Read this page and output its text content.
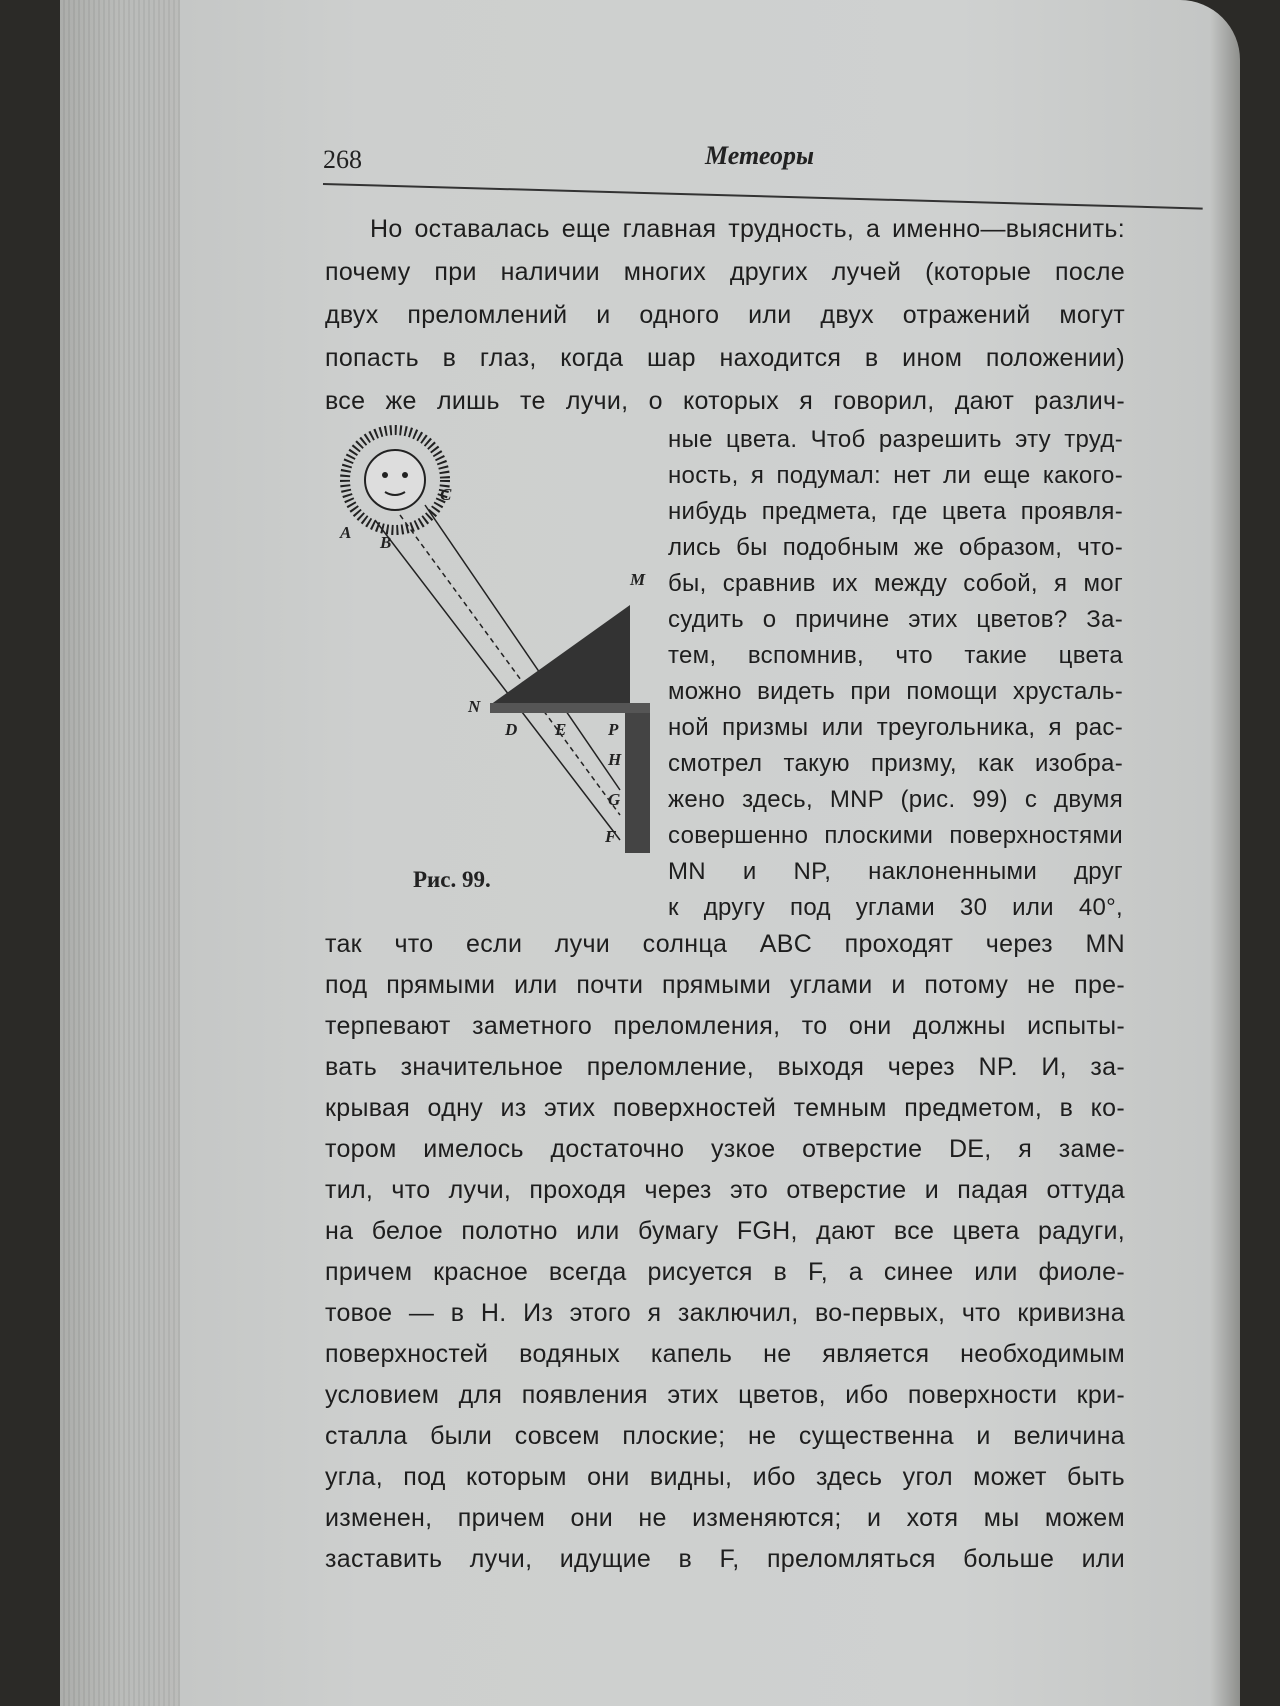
268	Метеоры
Но оставалась еще главная трудность, а именно—выяснить:
почему при наличии многих других лучей (которые после
двух преломлений и одного или двух отражений могут
попасть в глаз, когда шар находится в ином положении)
все же лишь те лучи, о которых я говорил, дают различ-
ные цвета. Чтоб разрешить эту труд-
ность, я подумал: нет ли еще какого-
нибудь предмета, где цвета проявля-
лись бы подобным же образом, что-
бы, сравнив их между собой, я мог
судить о причине этих цветов? За-
тем, вспомнив, что такие цвета
можно видеть при помощи хрусталь-
ной призмы или треугольника, я рас-
смотрел такую призму, как изобра-
жено здесь, MNP (рис. 99) с двумя
совершенно плоскими поверхностями
MN и NP, наклоненными друг
к другу под углами 30 или 40°,
так что если лучи солнца ABC проходят через MN
под прямыми или почти прямыми углами и потому не пре-
терпевают заметного преломления, то они должны испыты-
вать значительное преломление, выходя через NP. И, за-
крывая одну из этих поверхностей темным предметом, в ко-
тором имелось достаточно узкое отверстие DE, я заме-
тил, что лучи, проходя через это отверстие и падая оттуда
на белое полотно или бумагу FGH, дают все цвета радуги,
причем красное всегда рисуется в F, а синее или фиоле-
товое — в H. Из этого я заключил, во-первых, что кривизна
поверхностей водяных капель не является необходимым
условием для появления этих цветов, ибо поверхности кри-
сталла были совсем плоские; не существенна и величина
угла, под которым они видны, ибо здесь угол может быть
изменен, причем они не изменяются; и хотя мы можем
заставить лучи, идущие в F, преломляться больше или
A
B
C
M
N
D E P
H
G
F
Рис. 99.
